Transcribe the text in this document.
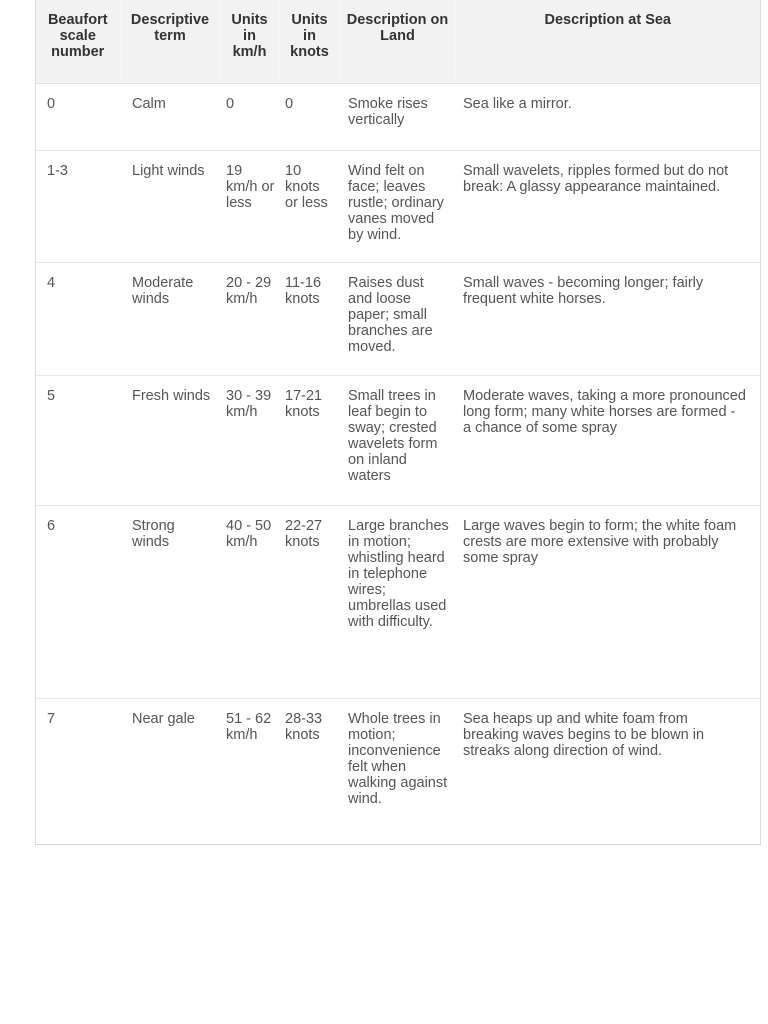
Beaufort scale number	Descriptive term	Units in km/h	Units in knots	Description on Land	Description at Sea
0	Calm	0	0	Smoke rises vertically	Sea like a mirror.
1-3	Light winds	19 km/h or less	10 knots or less	Wind felt on face; leaves rustle; ordinary vanes moved by wind.	Small wavelets, ripples formed but do not break: A glassy appearance maintained.
4	Moderate winds	20 - 29 km/h	11-16 knots	Raises dust and loose paper; small branches are moved.	Small waves - becoming longer; fairly frequent white horses.
5	Fresh winds	30 - 39 km/h	17-21 knots	Small trees in leaf begin to sway; crested wavelets form on inland waters	Moderate waves, taking a more pronounced long form; many white horses are formed - a chance of some spray
6	Strong winds	40 - 50 km/h	22-27 knots	Large branches in motion; whistling heard in telephone wires; umbrellas used with difficulty.	Large waves begin to form; the white foam crests are more extensive with probably some spray
7	Near gale	51 - 62 km/h	28-33 knots	Whole trees in motion; inconvenience felt when walking against wind.	Sea heaps up and white foam from breaking waves begins to be blown in streaks along direction of wind.
